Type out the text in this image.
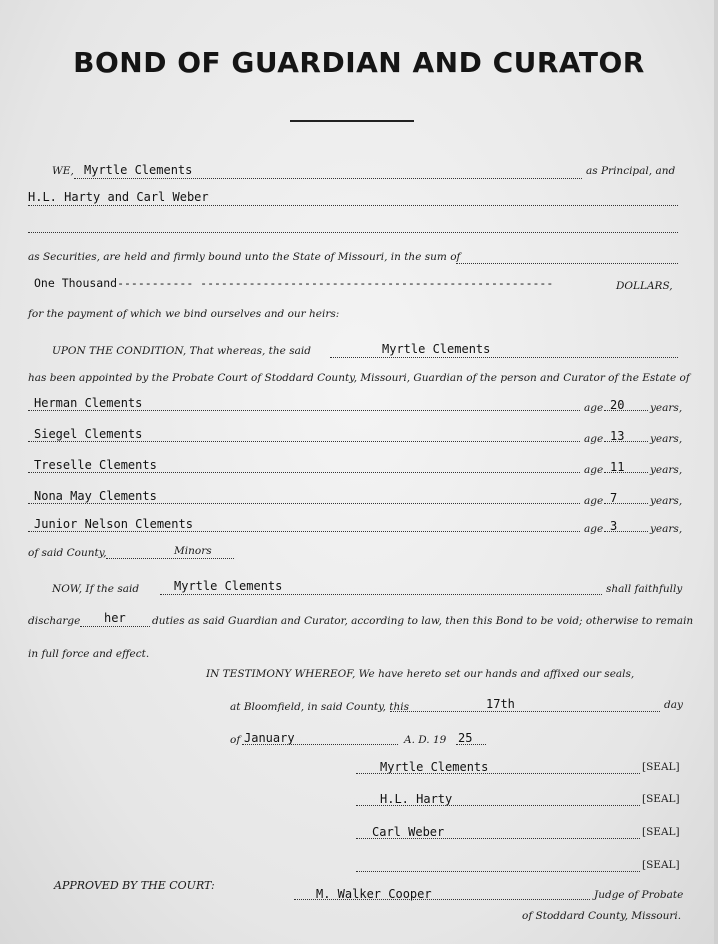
BOND OF GUARDIAN AND CURATOR
WE, Myrtle Clements	as Principal, and
H.L. Harty and Carl Weber
as Securities, are held and firmly bound unto the State of Missouri, in the sum of
One Thousand----------- ---------------------------------------------------	DOLLARS,
for the payment of which we bind ourselves and our heirs:
UPON THE CONDITION, That whereas, the said	Myrtle Clements
has been appointed by the Probate Court of Stoddard County, Missouri, Guardian of the person and Curator of the Estate of
Herman Clements	age 20 years,
Siegel Clements	age 13 years,
Treselle Clements	age 11 years,
Nona May Clements	age 7	years,
Junior Nelson Clements	age 3	years,
of said County,	Minors
NOW, If the said	Myrtle Clements	shall faithfully
discharge her	duties as said Guardian and Curator, according to law, then this Bond to be void; otherwise to remain
in full force and effect.
IN TESTIMONY WHEREOF, We have hereto set our hands and affixed our seals,
at Bloomfield, in said County, this	17th	day
of January	A. D. 19 25
Myrtle Clements	[SEAL]
H.L. Harty	[SEAL]
Carl Weber	[SEAL]
[SEAL]
APPROVED BY THE COURT:
M. Walker Cooper	Judge of Probate
of Stoddard County, Missouri.
